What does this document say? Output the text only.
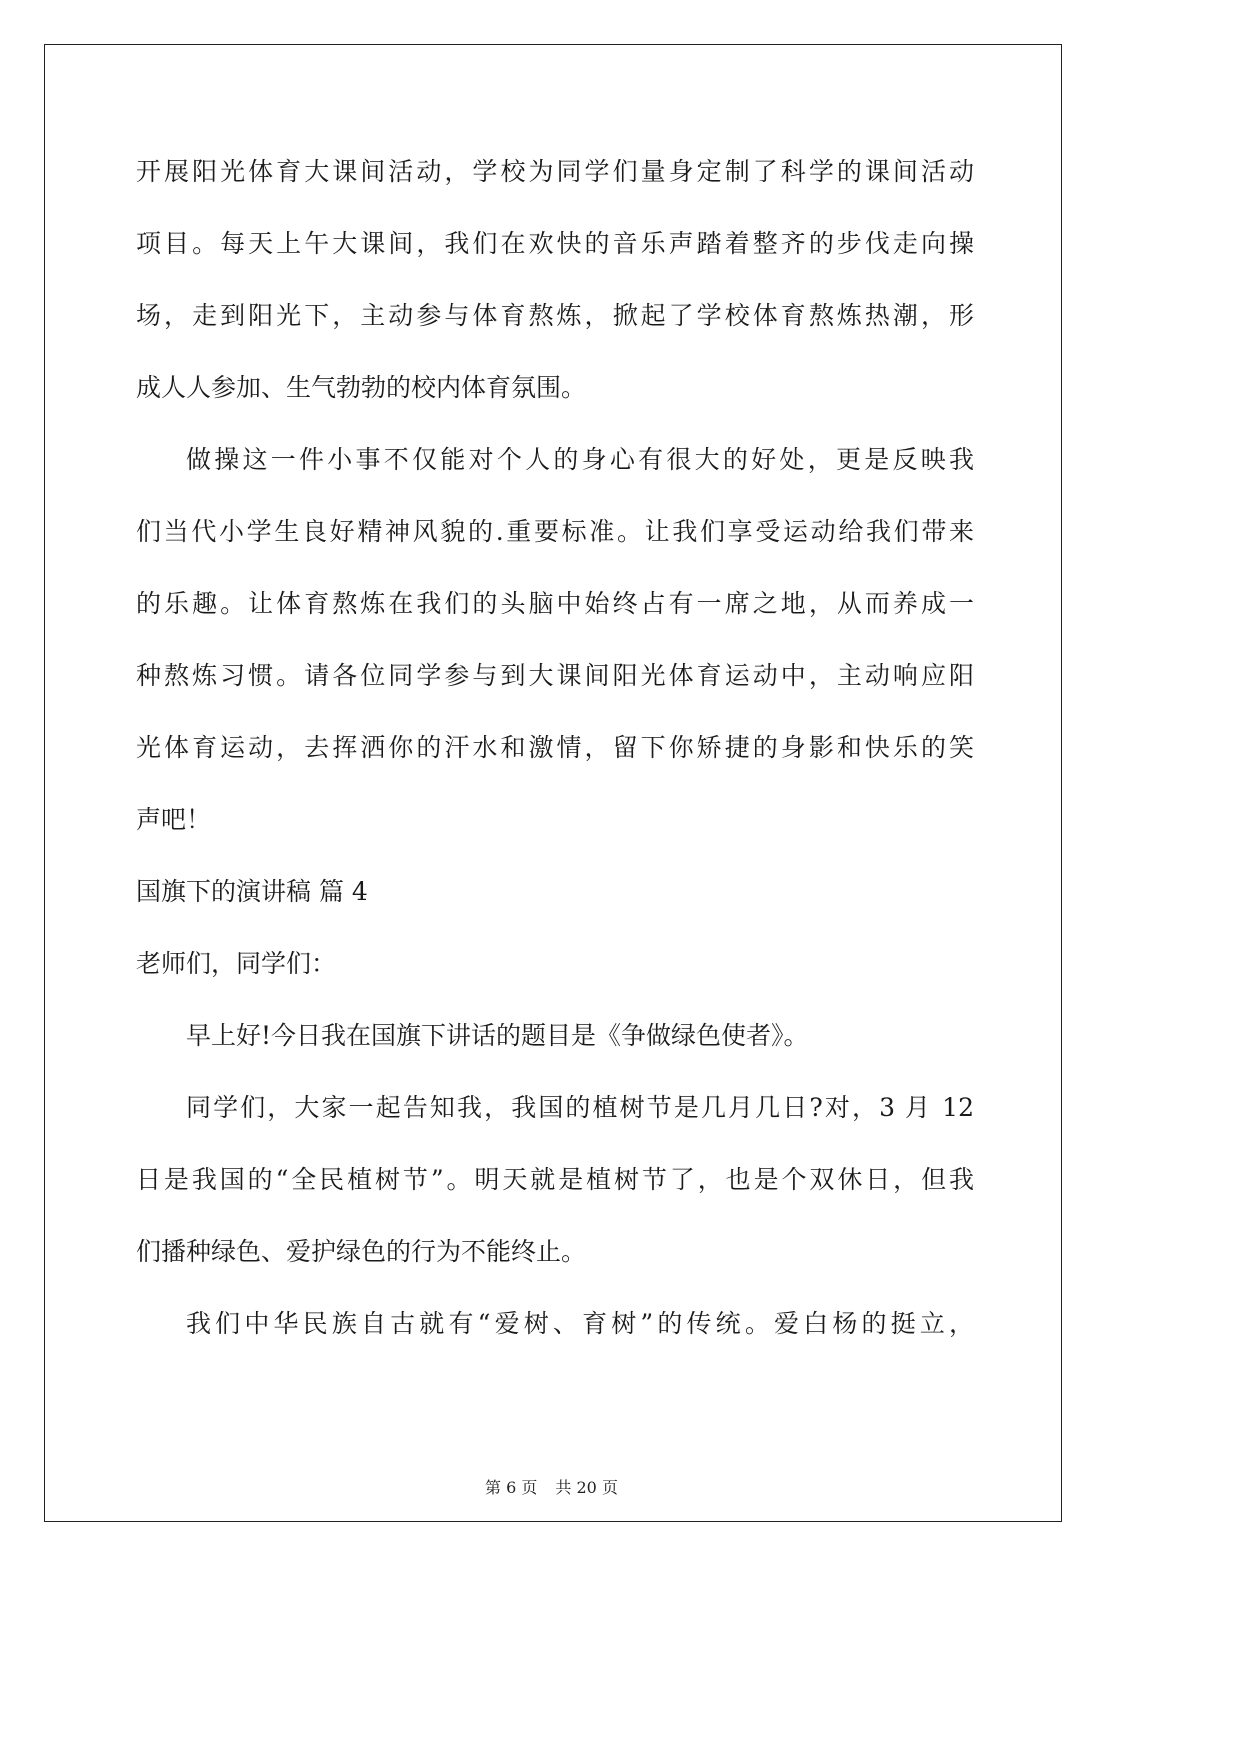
开展阳光体育大课间活动，学校为同学们量身定制了科学的课间活动
项目。每天上午大课间，我们在欢快的音乐声踏着整齐的步伐走向操
场，走到阳光下，主动参与体育熬炼，掀起了学校体育熬炼热潮，形
成人人参加、生气勃勃的校内体育氛围。
做操这一件小事不仅能对个人的身心有很大的好处，更是反映我
们当代小学生良好精神风貌的.重要标准。让我们享受运动给我们带来
的乐趣。让体育熬炼在我们的头脑中始终占有一席之地，从而养成一
种熬炼习惯。请各位同学参与到大课间阳光体育运动中，主动响应阳
光体育运动，去挥洒你的汗水和激情，留下你矫捷的身影和快乐的笑
声吧！
国旗下的演讲稿 篇 4
老师们，同学们：
早上好!今日我在国旗下讲话的题目是《争做绿色使者》。
同学们，大家一起告知我，我国的植树节是几月几日?对，3 月 12
日是我国的“全民植树节”。明天就是植树节了，也是个双休日，但我
们播种绿色、爱护绿色的行为不能终止。
我们中华民族自古就有“爱树、育树”的传统。爱白杨的挺立，
第 6 页 共 20 页
